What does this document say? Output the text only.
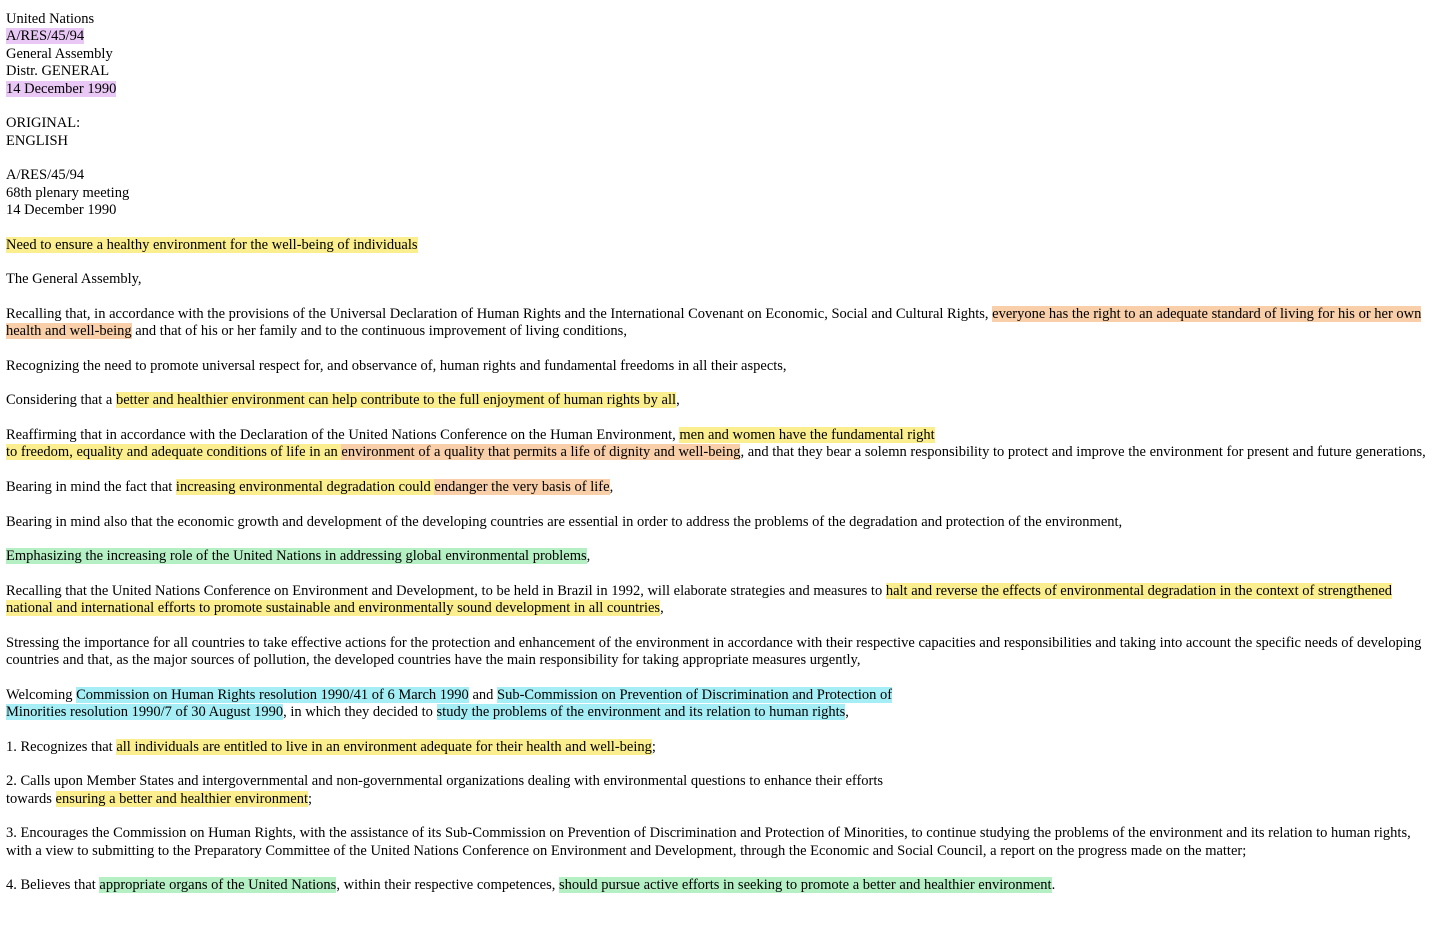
United Nations
A/RES/45/94
General Assembly
Distr. GENERAL
14 December 1990
ORIGINAL:
ENGLISH
A/RES/45/94
68th plenary meeting
14 December 1990
Need to ensure a healthy environment for the well-being of individuals
The General Assembly,
Recalling that, in accordance with the provisions of the Universal Declaration of Human Rights and the International Covenant on Economic, Social and Cultural Rights, everyone has the right to an adequate standard of living for his or her own health and well-being and that of his or her family and to the continuous improvement of living conditions,
Recognizing the need to promote universal respect for, and observance of, human rights and fundamental freedoms in all their aspects,
Considering that a better and healthier environment can help contribute to the full enjoyment of human rights by all,
Reaffirming that in accordance with the Declaration of the United Nations Conference on the Human Environment, men and women have the fundamental right
to freedom, equality and adequate conditions of life in an environment of a quality that permits a life of dignity and well-being, and that they bear a solemn responsibility to protect and improve the environment for present and future generations,
Bearing in mind the fact that increasing environmental degradation could endanger the very basis of life,
Bearing in mind also that the economic growth and development of the developing countries are essential in order to address the problems of the degradation and protection of the environment,
Emphasizing the increasing role of the United Nations in addressing global environmental problems,
Recalling that the United Nations Conference on Environment and Development, to be held in Brazil in 1992, will elaborate strategies and measures to halt and reverse the effects of environmental degradation in the context of strengthened national and international efforts to promote sustainable and environmentally sound development in all countries,
Stressing the importance for all countries to take effective actions for the protection and enhancement of the environment in accordance with their respective capacities and responsibilities and taking into account the specific needs of developing countries and that, as the major sources of pollution, the developed countries have the main responsibility for taking appropriate measures urgently,
Welcoming Commission on Human Rights resolution 1990/41 of 6 March 1990 and Sub-Commission on Prevention of Discrimination and Protection of
Minorities resolution 1990/7 of 30 August 1990, in which they decided to study the problems of the environment and its relation to human rights,
1. Recognizes that all individuals are entitled to live in an environment adequate for their health and well-being;
2. Calls upon Member States and intergovernmental and non-governmental organizations dealing with environmental questions to enhance their efforts
towards ensuring a better and healthier environment;
3. Encourages the Commission on Human Rights, with the assistance of its Sub-Commission on Prevention of Discrimination and Protection of Minorities, to continue studying the problems of the environment and its relation to human rights, with a view to submitting to the Preparatory Committee of the United Nations Conference on Environment and Development, through the Economic and Social Council, a report on the progress made on the matter;
4. Believes that appropriate organs of the United Nations, within their respective competences, should pursue active efforts in seeking to promote a better and healthier environment.
